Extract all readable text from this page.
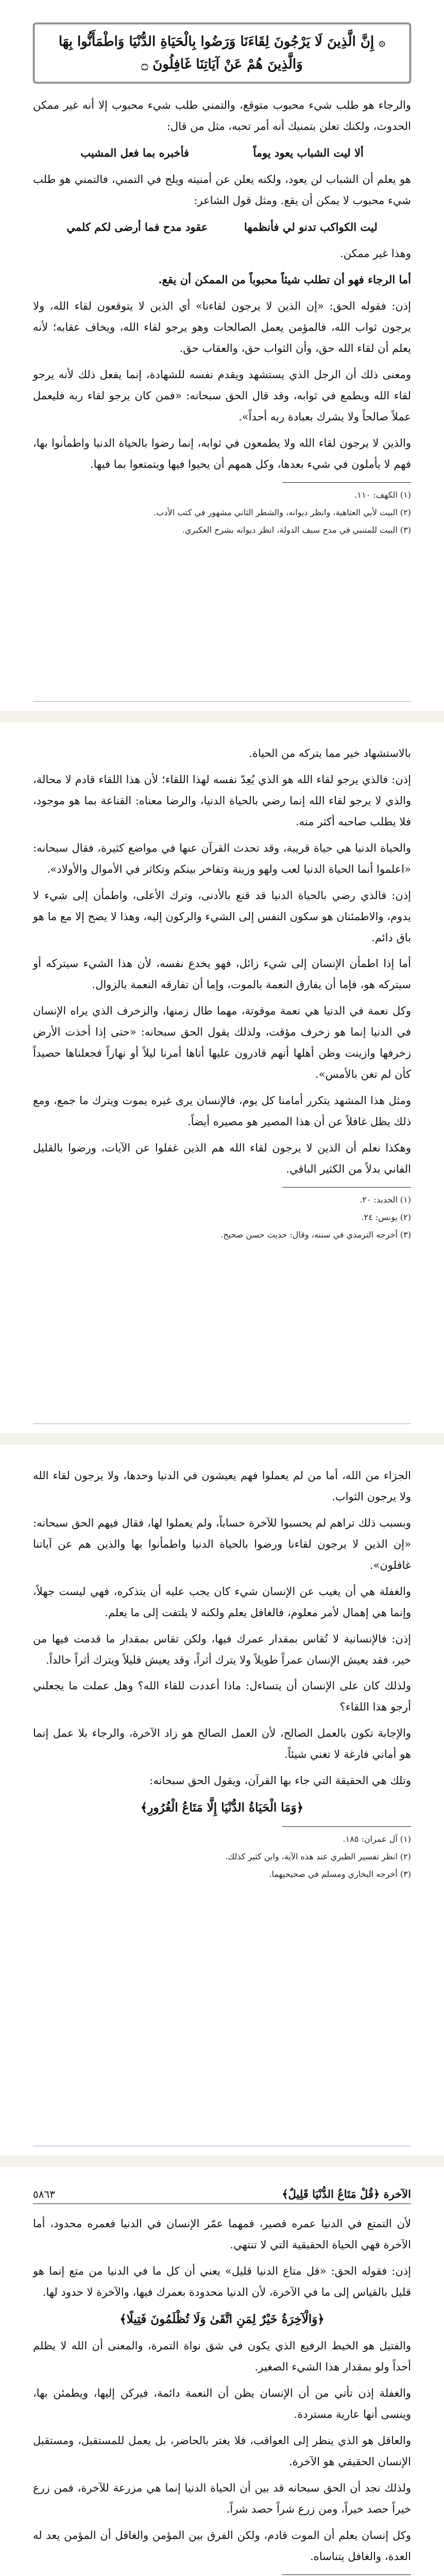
۞ إِنَّ الَّذِينَ لَا يَرْجُونَ لِقَاءَنَا وَرَضُوا بِالْحَيَاةِ الدُّنْيَا وَاطْمَأَنُّوا بِهَا وَالَّذِينَ هُمْ عَنْ آيَاتِنَا غَافِلُونَ ۝

والرجاء هو طلب شيء محبوب متوقع، والتمني طلب شيء محبوب إلا أنه غير ممكن الحدوث، ولكنك تعلن بتمنيك أنه أمر تحبه، مثل من قال:

ألا ليت الشباب يعود يوماً
فأخبره بما فعل المشيب

هو يعلم أن الشباب لن يعود، ولكنه يعلن عن أمنيته ويلح في التمني، فالتمني هو طلب شيء محبوب لا يمكن أن يقع. ومثل قول الشاعر:

ليت الكواكب تدنو لي فأنظمها
عقود مدح فما أرضى لكم كلمي

وهذا غير ممكن.

أما الرجاء فهو أن تطلب شيئاً محبوباً من الممكن أن يقع.

إذن: فقوله الحق: «إن الذين لا يرجون لقاءنا» أي الذين لا يتوقعون لقاء الله، ولا يرجون ثواب الله، فالمؤمن يعمل الصالحات وهو يرجو لقاء الله، ويخاف عقابه؛ لأنه يعلم أن لقاء الله حق، وأن الثواب حق، والعقاب حق.

ومعنى ذلك أن الرجل الذي يستشهد ويقدم نفسه للشهادة، إنما يفعل ذلك لأنه يرجو لقاء الله ويطمع في ثوابه، وقد قال الحق سبحانه: «فمن كان يرجو لقاء ربه فليعمل عملاً صالحاً ولا يشرك بعبادة ربه أحداً».

والذين لا يرجون لقاء الله ولا يطمعون في ثوابه، إنما رضوا بالحياة الدنيا واطمأنوا بها، فهم لا يأملون في شيء بعدها، وكل همهم أن يحيوا فيها ويتمتعوا بما فيها.

(١) الكهف: ١١٠.

(٢) البيت لأبي العتاهية، وانظر ديوانه، والشطر الثاني مشهور في كتب الأدب.

(٣) البيت للمتنبي في مدح سيف الدولة، انظر ديوانه بشرح العكبري.

بالاستشهاد خير مما يتركه من الحياة.

إذن: فالذي يرجو لقاء الله هو الذي يُعِدّ نفسه لهذا اللقاء؛ لأن هذا اللقاء قادم لا محالة، والذي لا يرجو لقاء الله إنما رضي بالحياة الدنيا، والرضا معناه: القناعة بما هو موجود، فلا يطلب صاحبه أكثر منه.

والحياة الدنيا هي حياة قريبة، وقد تحدث القرآن عنها في مواضع كثيرة، فقال سبحانه: «اعلموا أنما الحياة الدنيا لعب ولهو وزينة وتفاخر بينكم وتكاثر في الأموال والأولاد».

إذن: فالذي رضي بالحياة الدنيا قد قنع بالأدنى، وترك الأعلى، واطمأن إلى شيء لا يدوم، والاطمئنان هو سكون النفس إلى الشيء والركون إليه، وهذا لا يصح إلا مع ما هو باق دائم.

أما إذا اطمأن الإنسان إلى شيء زائل، فهو يخدع نفسه، لأن هذا الشيء سيتركه أو سيتركه هو، فإما أن يفارق النعمة بالموت، وإما أن تفارقه النعمة بالزوال.

وكل نعمة في الدنيا هي نعمة موقوتة، مهما طال زمنها، والزخرف الذي يراه الإنسان في الدنيا إنما هو زخرف مؤقت، ولذلك يقول الحق سبحانه: «حتى إذا أخذت الأرض زخرفها وازينت وظن أهلها أنهم قادرون عليها أتاها أمرنا ليلاً أو نهاراً فجعلناها حصيداً كأن لم تغن بالأمس».

ومثل هذا المشهد يتكرر أمامنا كل يوم، فالإنسان يرى غيره يموت ويترك ما جمع، ومع ذلك يظل غافلاً عن أن هذا المصير هو مصيره أيضاً.

وهكذا نعلم أن الذين لا يرجون لقاء الله هم الذين غفلوا عن الآيات، ورضوا بالقليل الفاني بدلاً من الكثير الباقي.

(١) الحديد: ٢٠.

(٢) يونس: ٢٤.

(٣) أخرجه الترمذي في سننه، وقال: حديث حسن صحيح.

الجزاء من الله، أما من لم يعملوا فهم يعيشون في الدنيا وحدها، ولا يرجون لقاء الله ولا يرجون الثواب.

وبسبب ذلك تراهم لم يحسبوا للآخرة حساباً، ولم يعملوا لها، فقال فيهم الحق سبحانه: «إن الذين لا يرجون لقاءنا ورضوا بالحياة الدنيا واطمأنوا بها والذين هم عن آياتنا غافلون».

والغفلة هي أن يغيب عن الإنسان شيء كان يجب عليه أن يتذكره، فهي ليست جهلاً، وإنما هي إهمال لأمر معلوم، فالغافل يعلم ولكنه لا يلتفت إلى ما يعلم.

إذن: فالإنسانية لا تُقاس بمقدار عمرك فيها، ولكن تقاس بمقدار ما قدمت فيها من خير، فقد يعيش الإنسان عمراً طويلاً ولا يترك أثراً، وقد يعيش قليلاً ويترك أثراً خالداً.

ولذلك كان على الإنسان أن يتساءل: ماذا أعددت للقاء الله؟ وهل عملت ما يجعلني أرجو هذا اللقاء؟

والإجابة تكون بالعمل الصالح، لأن العمل الصالح هو زاد الآخرة، والرجاء بلا عمل إنما هو أماني فارغة لا تغني شيئاً.

وتلك هي الحقيقة التي جاء بها القرآن، ويقول الحق سبحانه:

﴿وَمَا الْحَيَاةُ الدُّنْيَا إِلَّا مَتَاعُ الْغُرُورِ﴾

(١) آل عمران: ١٨٥.

(٢) انظر تفسير الطبري عند هذه الآية، وابن كثير كذلك.

(٣) أخرجه البخاري ومسلم في صحيحيهما.

الآخرة ﴿قُلْ مَتَاعُ الدُّنْيَا قَلِيلٌ﴾
٥٨٦٣

لأن التمتع في الدنيا عمره قصير، فمهما عمّر الإنسان في الدنيا فعمره محدود، أما الآخرة فهي الحياة الحقيقية التي لا تنتهي.

إذن: فقوله الحق: «قل متاع الدنيا قليل» يعني أن كل ما في الدنيا من متع إنما هو قليل بالقياس إلى ما في الآخرة، لأن الدنيا محدودة بعمرك فيها، والآخرة لا حدود لها.

﴿وَالْآخِرَةُ خَيْرٌ لِمَنِ اتَّقَىٰ وَلَا تُظْلَمُونَ فَتِيلًا﴾

والفتيل هو الخيط الرفيع الذي يكون في شق نواة التمرة، والمعنى أن الله لا يظلم أحداً ولو بمقدار هذا الشيء الصغير.

والغفلة إذن تأتي من أن الإنسان يظن أن النعمة دائمة، فيركن إليها، ويطمئن بها، وينسى أنها عارية مستردة.

والعاقل هو الذي ينظر إلى العواقب، فلا يغتر بالحاضر، بل يعمل للمستقبل، ومستقبل الإنسان الحقيقي هو الآخرة.

ولذلك نجد أن الحق سبحانه قد بين أن الحياة الدنيا إنما هي مزرعة للآخرة، فمن زرع خيراً حصد خيراً، ومن زرع شراً حصد شراً.

وكل إنسان يعلم أن الموت قادم، ولكن الفرق بين المؤمن والغافل أن المؤمن يعد له العدة، والغافل يتناساه.
